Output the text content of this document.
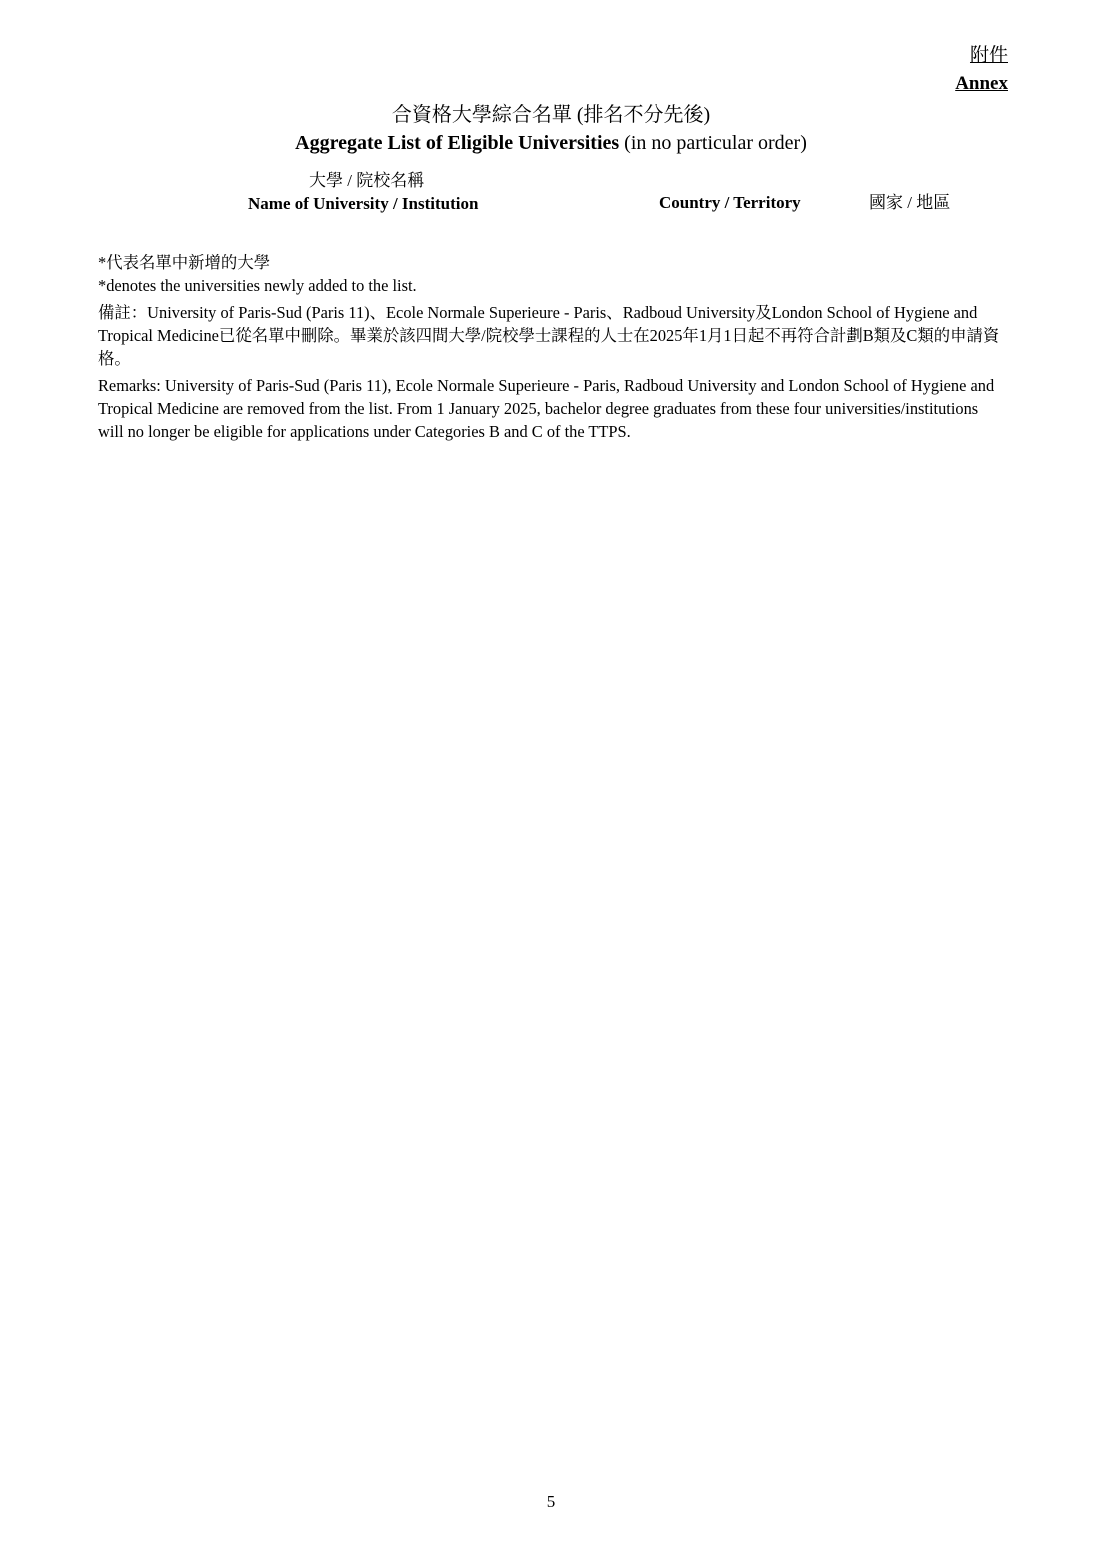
附件
Annex
合資格大學綜合名單 (排名不分先後)
Aggregate List of Eligible Universities (in no particular order)
大學 / 院校名稱
Name of University / Institution	Country / Territory	國家 / 地區

*代表名單中新增的大學

*denotes the universities newly added to the list.

備註：University of Paris-Sud (Paris 11)、Ecole Normale Superieure - Paris、Radboud University及London School of Hygiene and Tropical Medicine已從名單中刪除。畢業於該四間大學/院校學士課程的人士在2025年1月1日起不再符合計劃B類及C類的申請資格。

Remarks: University of Paris-Sud (Paris 11), Ecole Normale Superieure - Paris, Radboud University and London School of Hygiene and Tropical Medicine are removed from the list. From 1 January 2025, bachelor degree graduates from these four universities/institutions will no longer be eligible for applications under Categories B and C of the TTPS.

5
